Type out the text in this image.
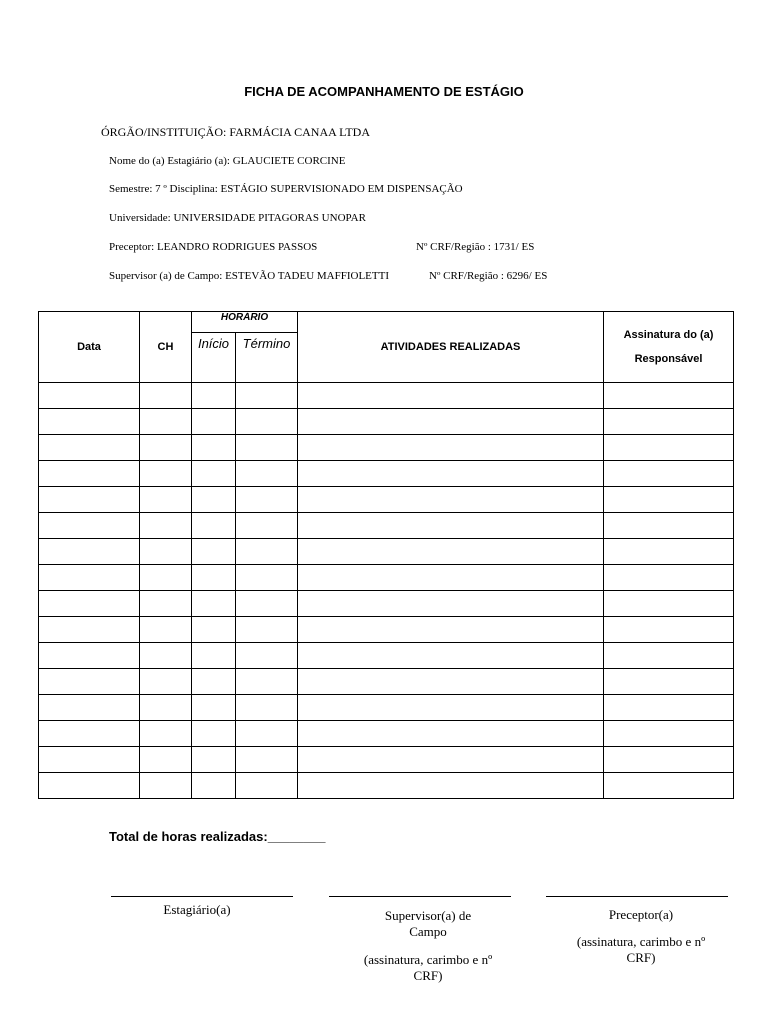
FICHA DE ACOMPANHAMENTO DE ESTÁGIO
ÓRGÃO/INSTITUIÇÃO: FARMÁCIA CANAA LTDA
Nome do (a) Estagiário (a): GLAUCIETE CORCINE
Semestre: 7 º Disciplina: ESTÁGIO SUPERVISIONADO EM DISPENSAÇÃO
Universidade: UNIVERSIDADE PITAGORAS UNOPAR
Preceptor: LEANDRO RODRIGUES PASSOS	Nº CRF/Região : 1731/ ES
Supervisor (a) de Campo: ESTEVÃO TADEU MAFFIOLETTI	Nº CRF/Região : 6296/ ES
Data	CH	HORÁRIO		ATIVIDADES REALIZADAS	Assinatura do (a)
Responsável

		Início	Término		

Total de horas realizadas:________
Estagiário(a)	Supervisor(a) de
Campo
(assinatura, carimbo e nº
CRF)
Preceptor(a)
(assinatura, carimbo e nº
CRF)
